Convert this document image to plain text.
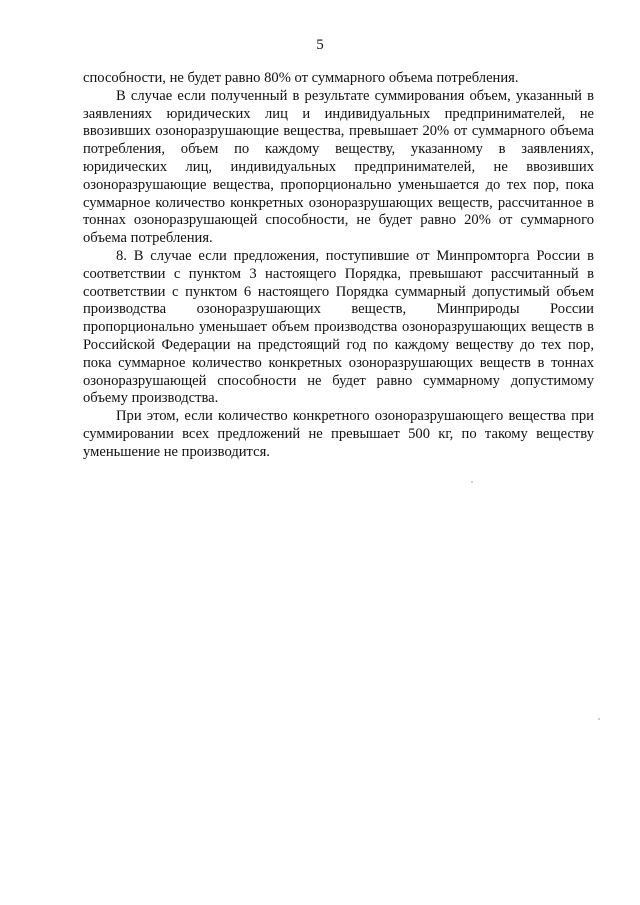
5

способности, не будет равно 80% от суммарного объема потребления.

В случае если полученный в результате суммирования объем, указанный в заявлениях юридических лиц и индивидуальных предпринимателей, не ввозивших озоноразрушающие вещества, превышает 20% от суммарного объема потребления, объем по каждому веществу, указанному в заявлениях, юридических лиц, индивидуальных предпринимателей, не ввозивших озоноразрушающие вещества, пропорционально уменьшается до тех пор, пока суммарное количество конкретных озоноразрушающих веществ, рассчитанное в тоннах озоноразрушающей способности, не будет равно 20% от суммарного объема потребления.

8. В случае если предложения, поступившие от Минпромторга России в соответствии с пунктом 3 настоящего Порядка, превышают рассчитанный в соответствии с пунктом 6 настоящего Порядка суммарный допустимый объем производства озоноразрушающих веществ, Минприроды России пропорционально уменьшает объем производства озоноразрушающих веществ в Российской Федерации на предстоящий год по каждому веществу до тех пор, пока суммарное количество конкретных озоноразрушающих веществ в тоннах озоноразрушающей способности не будет равно суммарному допустимому объему производства.

При этом, если количество конкретного озоноразрушающего вещества при суммировании всех предложений не превышает 500 кг, по такому веществу уменьшение не производится.
